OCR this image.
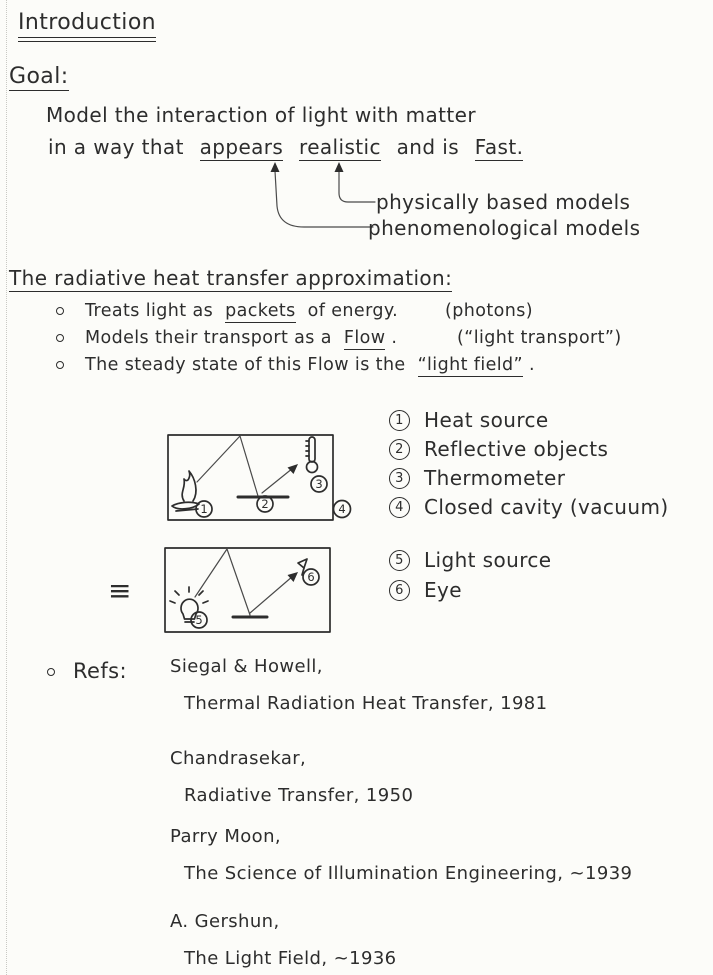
Introduction
Goal:
Model the interaction of light with matter
in a way that appears realistic and is Fast.
physically based models
phenomenological models
The radiative heat transfer approximation:
Treats light as packets of energy.	(photons)
Models their transport as a Flow .	(“light transport”)
The steady state of this Flow is the “light field” .
1	2
3
4
1	Heat source
2	Reflective objects
3	Thermometer
4	Closed cavity (vacuum)
≡
5
6
5	Light source
6	Eye
Refs: Siegal & Howell,
Thermal Radiation Heat Transfer, 1981
Chandrasekar,
Radiative Transfer, 1950
Parry Moon,
The Science of Illumination Engineering, ~1939
A. Gershun,
The Light Field, ~1936
